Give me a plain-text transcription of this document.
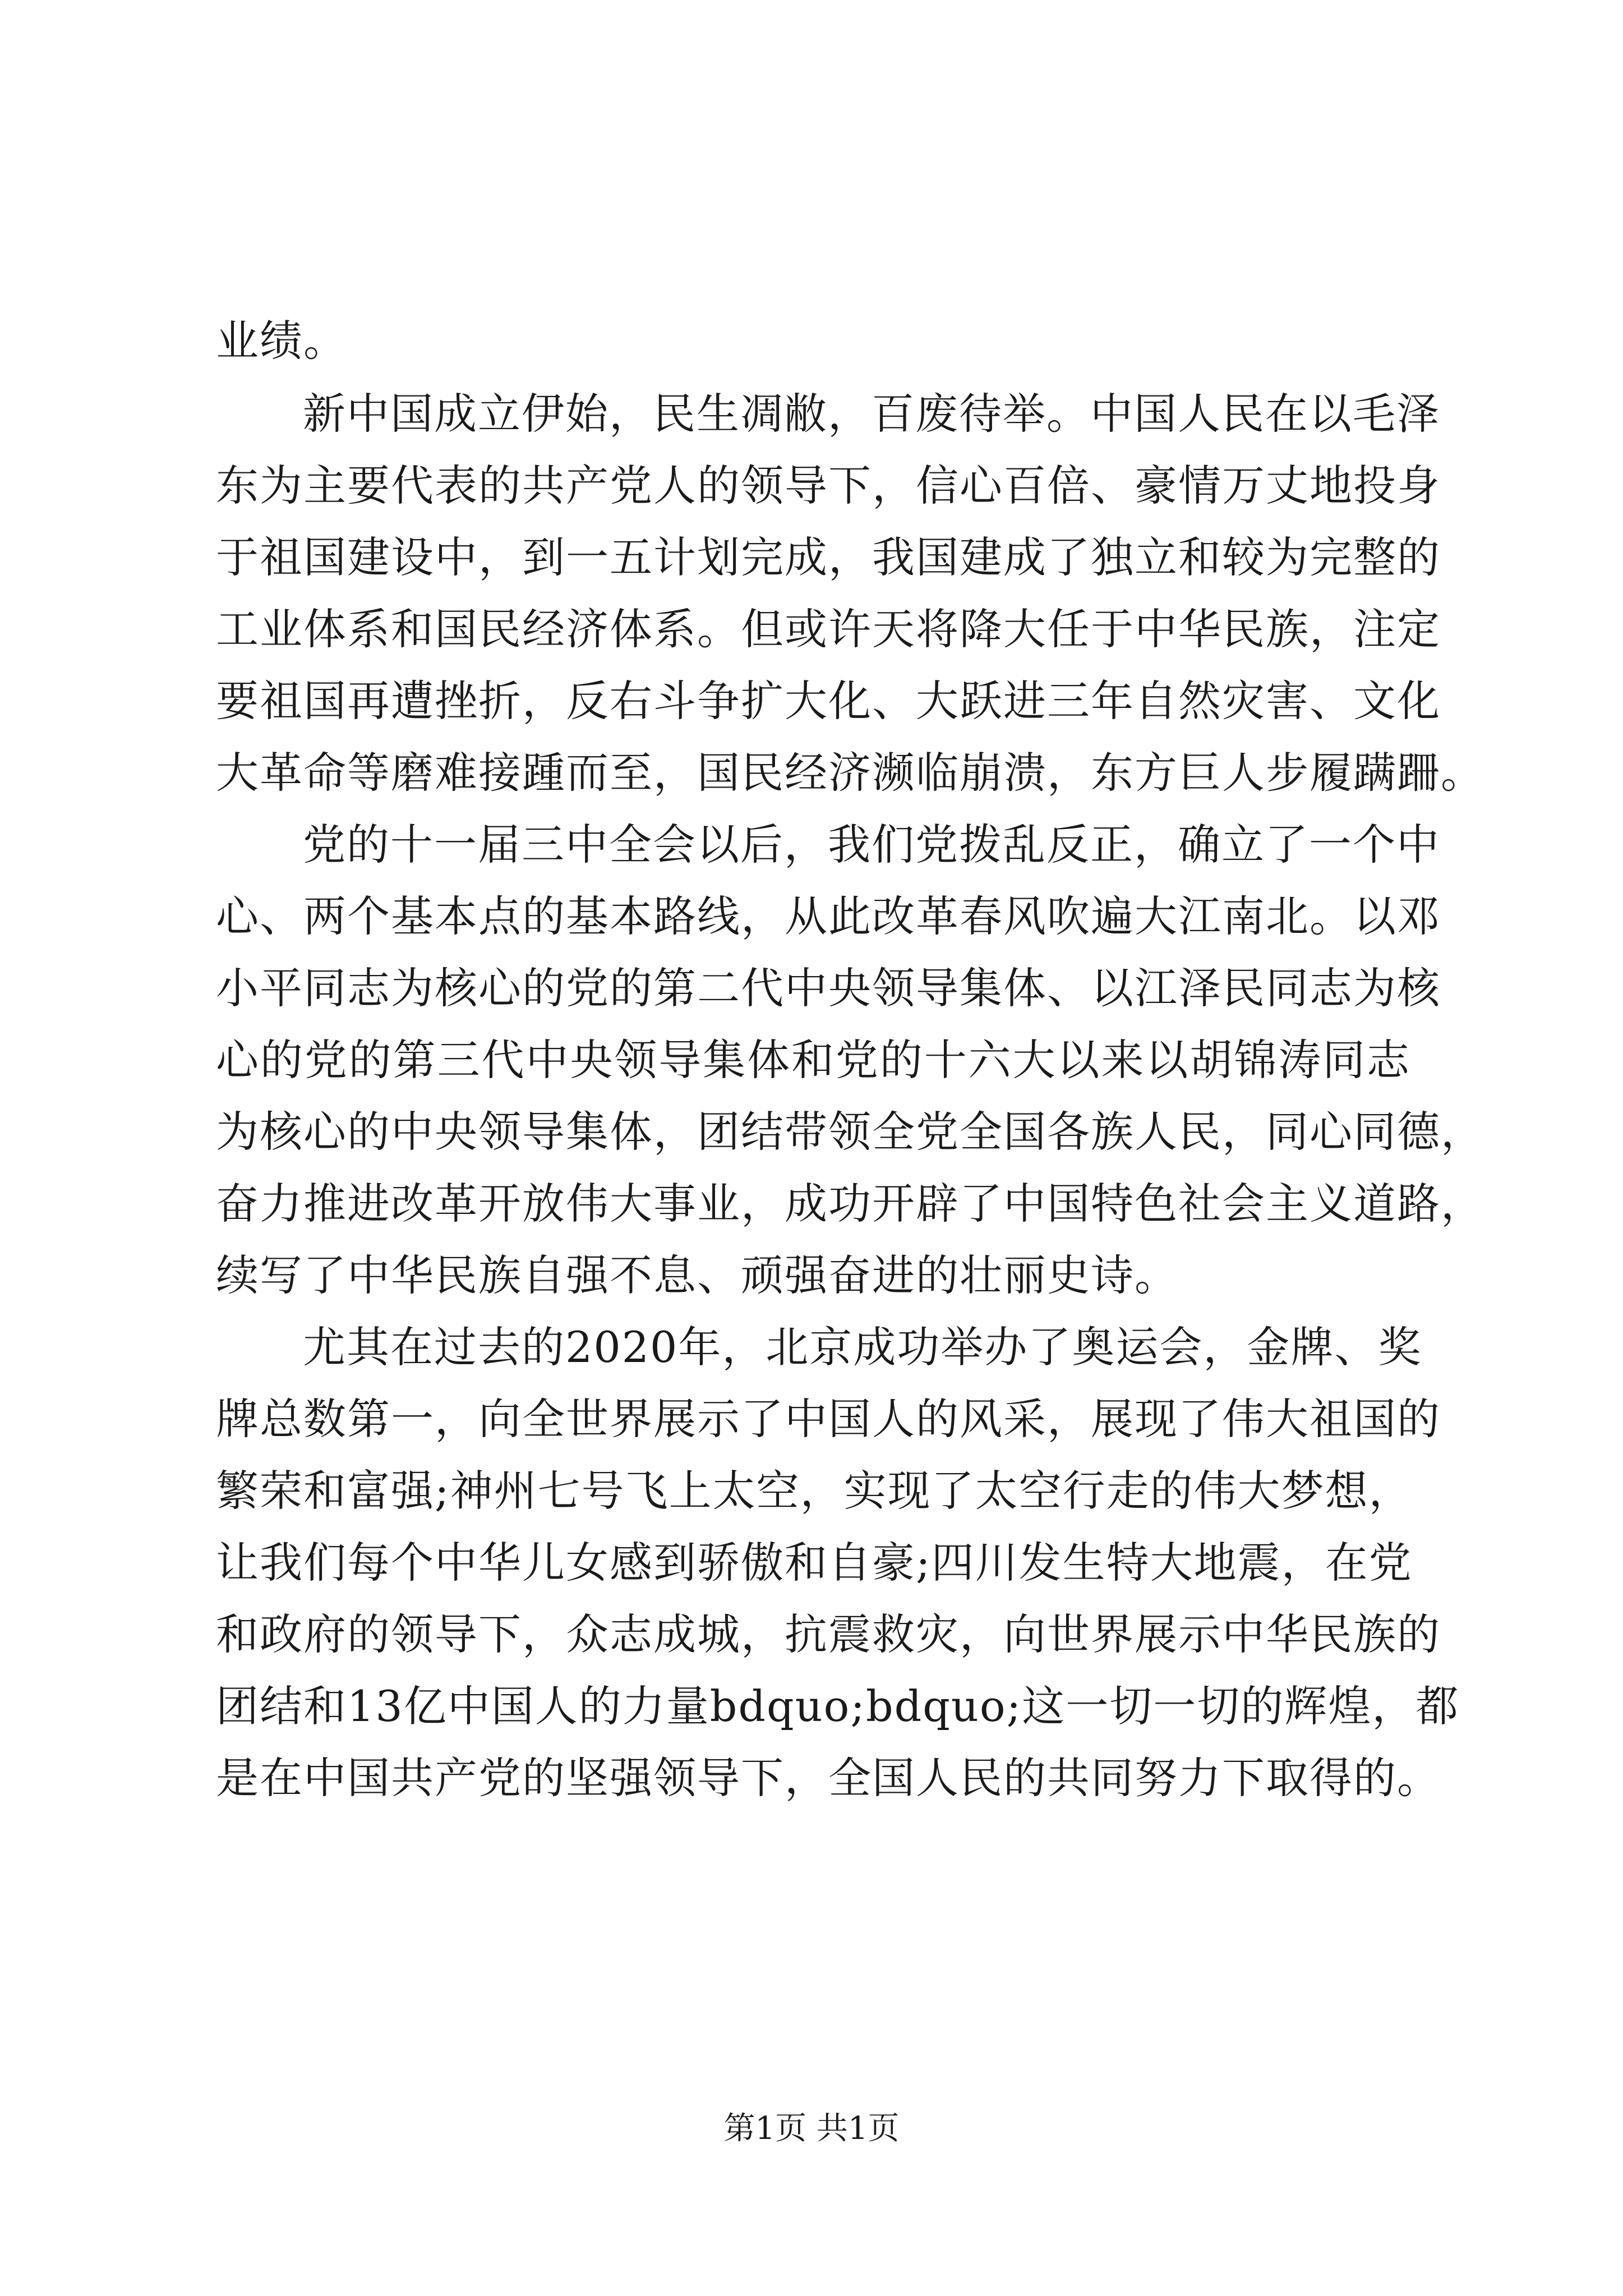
业绩。
新中国成立伊始，民生凋敝，百废待举。中国人民在以毛泽
东为主要代表的共产党人的领导下，信心百倍、豪情万丈地投身
于祖国建设中，到一五计划完成，我国建成了独立和较为完整的
工业体系和国民经济体系。但或许天将降大任于中华民族，注定
要祖国再遭挫折，反右斗争扩大化、大跃进三年自然灾害、文化
大革命等磨难接踵而至，国民经济濒临崩溃，东方巨人步履蹒跚。
党的十一届三中全会以后，我们党拨乱反正，确立了一个中
心、两个基本点的基本路线，从此改革春风吹遍大江南北。以邓
小平同志为核心的党的第二代中央领导集体、以江泽民同志为核
心的党的第三代中央领导集体和党的十六大以来以胡锦涛同志
为核心的中央领导集体，团结带领全党全国各族人民，同心同德，
奋力推进改革开放伟大事业，成功开辟了中国特色社会主义道路，
续写了中华民族自强不息、顽强奋进的壮丽史诗。
尤其在过去的2020年，北京成功举办了奥运会，金牌、奖
牌总数第一，向全世界展示了中国人的风采，展现了伟大祖国的
繁荣和富强;神州七号飞上太空，实现了太空行走的伟大梦想，
让我们每个中华儿女感到骄傲和自豪;四川发生特大地震，在党
和政府的领导下，众志成城，抗震救灾，向世界展示中华民族的
团结和13亿中国人的力量bdquo;bdquo;这一切一切的辉煌，都
是在中国共产党的坚强领导下，全国人民的共同努力下取得的。
第1页 共1页
